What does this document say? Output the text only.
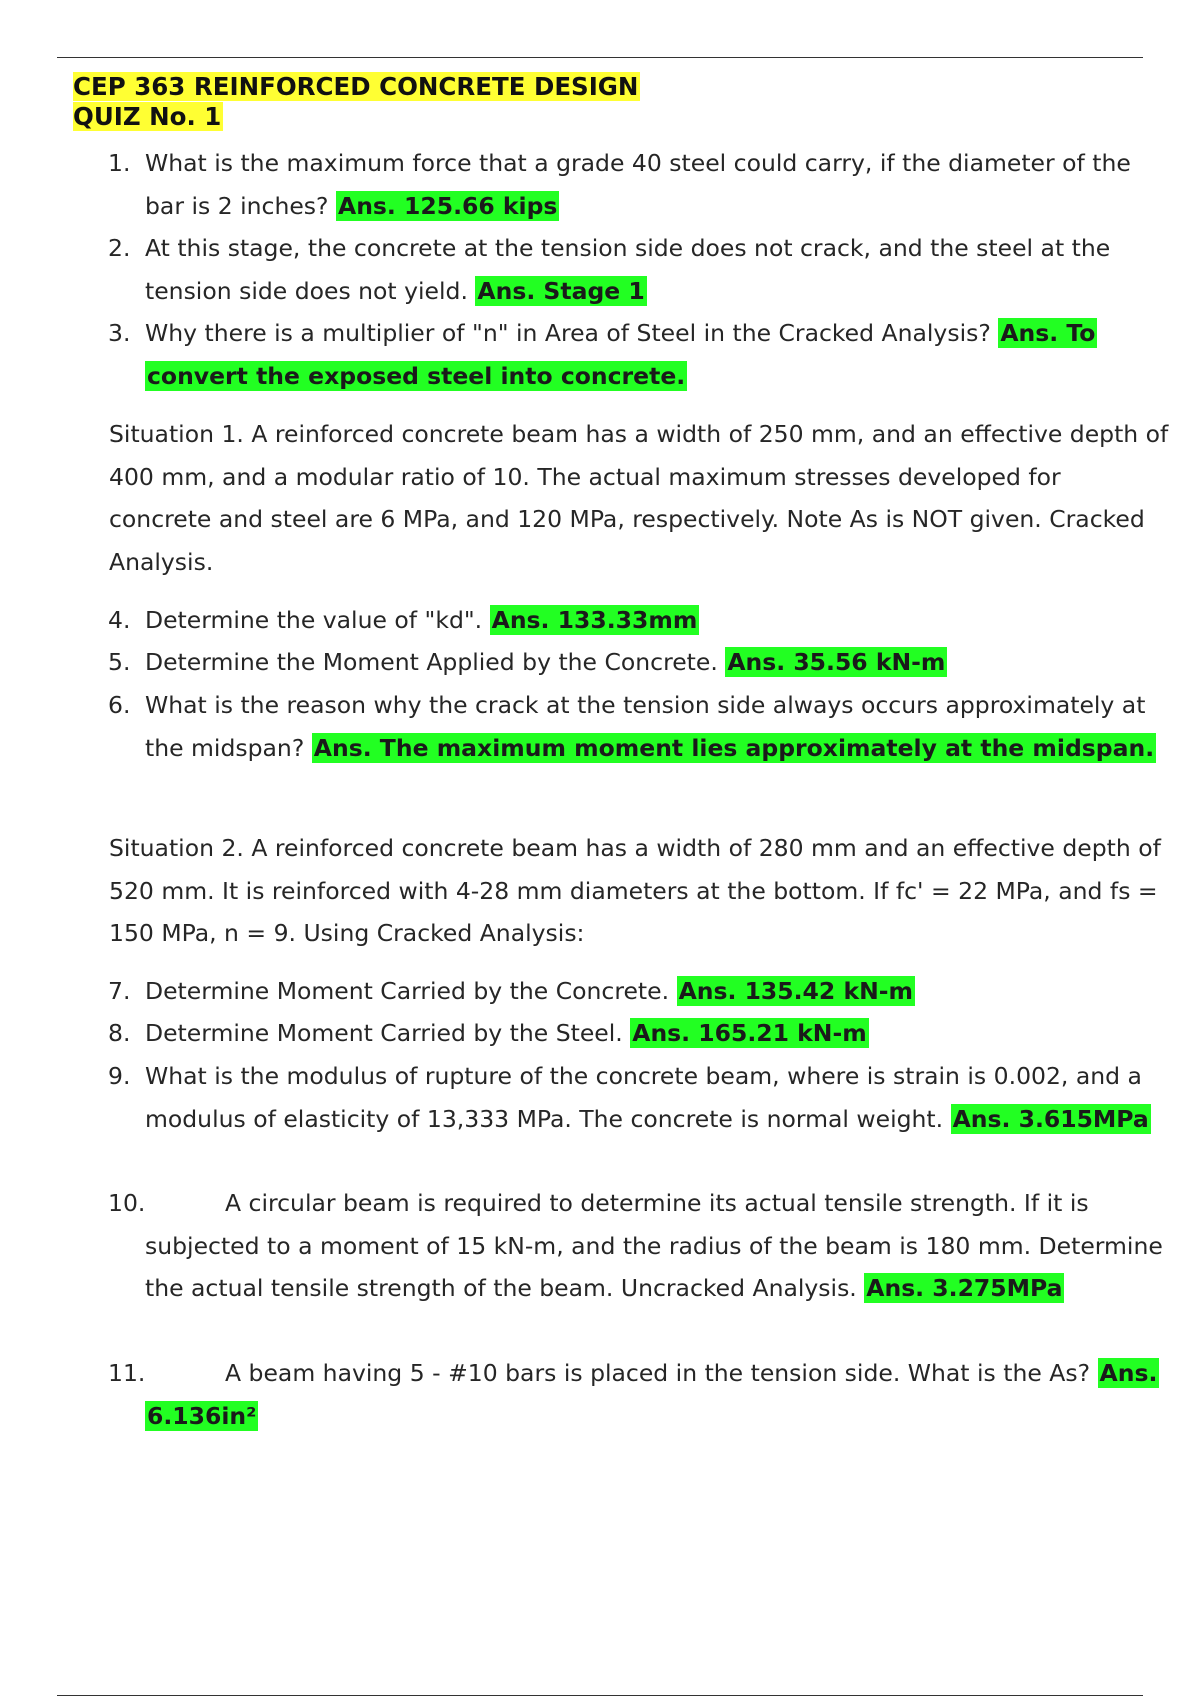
CEP 363 REINFORCED CONCRETE DESIGN
QUIZ No. 1
1. What is the maximum force that a grade 40 steel could carry, if the diameter of the bar is 2 inches? Ans. 125.66 kips
2. At this stage, the concrete at the tension side does not crack, and the steel at the tension side does not yield. Ans. Stage 1
3. Why there is a multiplier of "n" in Area of Steel in the Cracked Analysis? Ans. To convert the exposed steel into concrete.
Situation 1. A reinforced concrete beam has a width of 250 mm, and an effective depth of 400 mm, and a modular ratio of 10. The actual maximum stresses developed for concrete and steel are 6 MPa, and 120 MPa, respectively. Note As is NOT given. Cracked Analysis.
4. Determine the value of "kd". Ans. 133.33mm
5. Determine the Moment Applied by the Concrete. Ans. 35.56 kN-m
6. What is the reason why the crack at the tension side always occurs approximately at the midspan? Ans. The maximum moment lies approximately at the midspan.
Situation 2. A reinforced concrete beam has a width of 280 mm and an effective depth of 520 mm. It is reinforced with 4-28 mm diameters at the bottom. If fc' = 22 MPa, and fs = 150 MPa, n = 9. Using Cracked Analysis:
7. Determine Moment Carried by the Concrete. Ans. 135.42 kN-m
8. Determine Moment Carried by the Steel. Ans. 165.21 kN-m
9. What is the modulus of rupture of the concrete beam, where is strain is 0.002, and a modulus of elasticity of 13,333 MPa. The concrete is normal weight. Ans. 3.615MPa
10.	A circular beam is required to determine its actual tensile strength. If it is subjected to a moment of 15 kN-m, and the radius of the beam is 180 mm. Determine the actual tensile strength of the beam. Uncracked Analysis. Ans. 3.275MPa
11.	A beam having 5 - #10 bars is placed in the tension side. What is the As? Ans. 6.136in²
